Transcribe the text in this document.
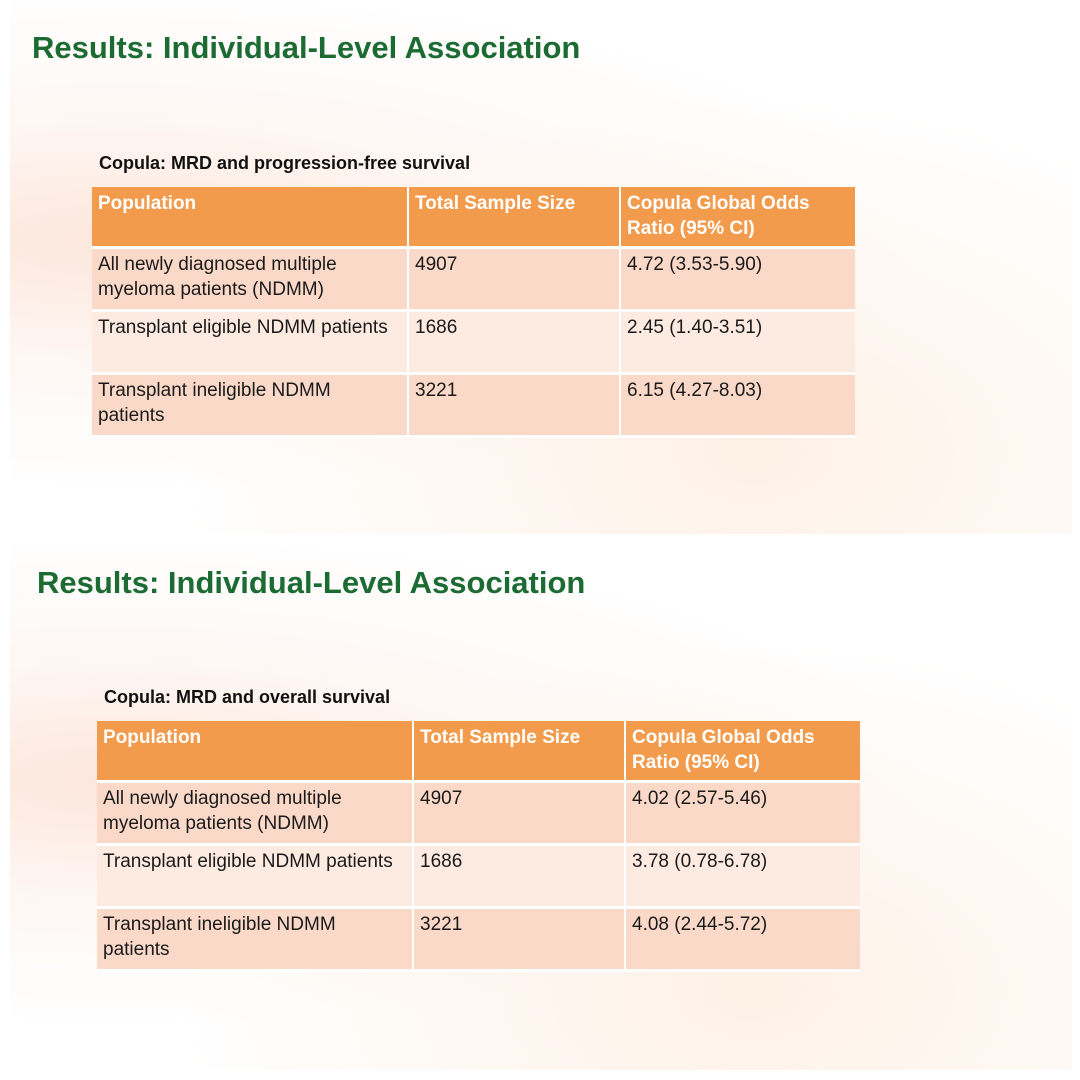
Results: Individual-Level Association
Copula: MRD and progression-free survival
Population	Total Sample Size	Copula Global Odds Ratio (95% CI)
All newly diagnosed multiple myeloma patients (NDMM)	4907	4.72 (3.53-5.90)
Transplant eligible NDMM patients	1686	2.45 (1.40-3.51)
Transplant ineligible NDMM patients	3221	6.15 (4.27-8.03)
Results: Individual-Level Association
Copula: MRD and overall survival
Population	Total Sample Size	Copula Global Odds Ratio (95% CI)
All newly diagnosed multiple myeloma patients (NDMM)	4907	4.02 (2.57-5.46)
Transplant eligible NDMM patients	1686	3.78 (0.78-6.78)
Transplant ineligible NDMM patients	3221	4.08 (2.44-5.72)
